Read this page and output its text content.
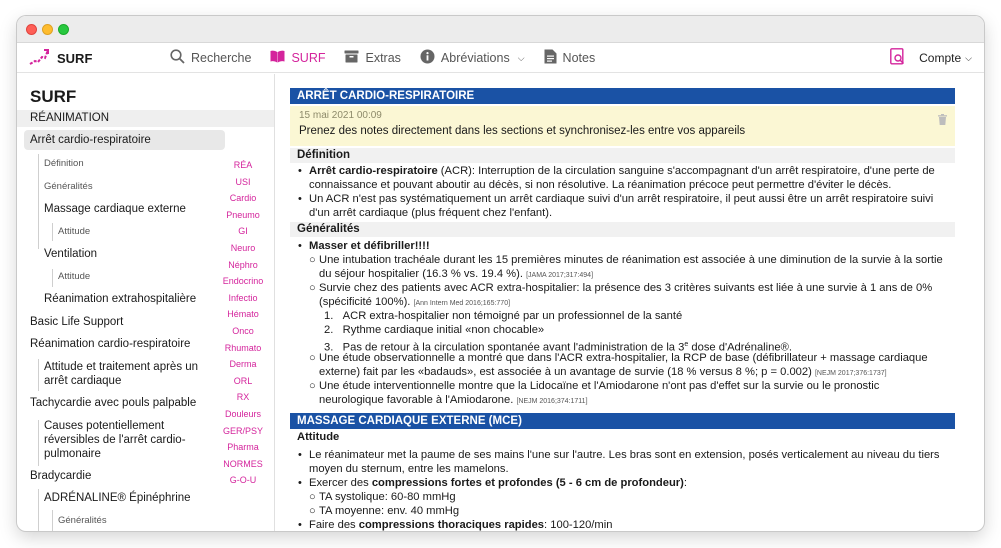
SURF	Recherche	SURF	Extras	Abréviations ⌵	Notes	Compte ⌵
SURF
RÉANIMATION
Arrêt cardio-respiratoire
Définition
Généralités
Massage cardiaque externe
Attitude
Ventilation
Attitude
Réanimation extrahospitalière
Basic Life Support
Réanimation cardio-respiratoire
Attitude et traitement après un
arrêt cardiaque
Tachycardie avec pouls palpable
Causes potentiellement
réversibles de l'arrêt cardio-
pulmonaire
Bradycardie
ADRÉNALINE® Épinéphrine
Généralités
RÉA
USI
Cardio
Pneumo
GI
Neuro
Néphro
Endocrino
Infectio
Hémato
Onco
Rhumato
Derma
ORL
RX
Douleurs
GER/PSY
Pharma
NORMES
G-O-U
ARRÊT CARDIO-RESPIRATOIRE
15 mai 2021 00:09
Prenez des notes directement dans les sections et synchronisez-les entre vos appareils
Définition
• Arrêt cardio-respiratoire (ACR): Interruption de la circulation sanguine s'accompagnant d'un arrêt respiratoire, d'une perte de
connaissance et pouvant aboutir au décès, si non résolutive. La réanimation précoce peut permettre d'éviter le décès.
• Un ACR n'est pas systématiquement un arrêt cardiaque suivi d'un arrêt respiratoire, il peut aussi être un arrêt respiratoire suivi
d'un arrêt cardiaque (plus fréquent chez l'enfant).
Généralités
• Masser et défibriller!!!!
○ Une intubation trachéale durant les 15 premières minutes de réanimation est associée à une diminution de la survie à la sortie
du séjour hospitalier (16.3 % vs. 19.4 %). [JAMA 2017;317:494]
○ Survie chez des patients avec ACR extra-hospitalier: la présence des 3 critères suivants est liée à une survie à 1 ans de 0%
(spécificité 100%). [Ann Intern Med 2016;165:770]
1.   ACR extra-hospitalier non témoigné par un professionnel de la santé
2.   Rythme cardiaque initial «non chocable»
3.   Pas de retour à la circulation spontanée avant l'administration de la 3e dose d'Adrénaline®.
○ Une étude observationnelle a montré que dans l'ACR extra-hospitalier, la RCP de base (défibrillateur + massage cardiaque
externe) fait par les «badauds», est associée à un avantage de survie (18 % versus 8 %; p = 0.002) [NEJM 2017;376:1737]
○ Une étude interventionnelle montre que la Lidocaïne et l'Amiodarone n'ont pas d'effet sur la survie ou le pronostic
neurologique favorable à l'Amiodarone. [NEJM 2016;374:1711]
MASSAGE CARDIAQUE EXTERNE (MCE)
Attitude
• Le réanimateur met la paume de ses mains l'une sur l'autre. Les bras sont en extension, posés verticalement au niveau du tiers
moyen du sternum, entre les mamelons.
• Exercer des compressions fortes et profondes (5 - 6 cm de profondeur):
○ TA systolique: 60-80 mmHg
○ TA moyenne: env. 40 mmHg
• Faire des compressions thoraciques rapides: 100-120/min
